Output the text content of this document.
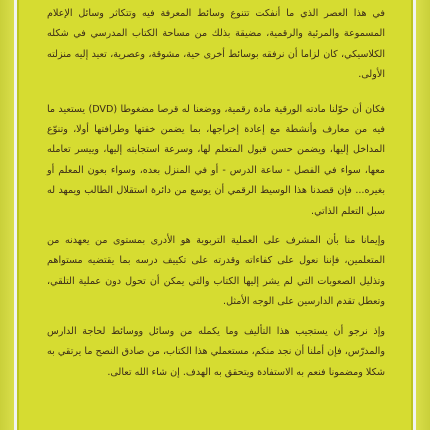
في هذا العصر الذي ما أنفكت تتنوع وسائط المعرفة فيه وتتكاثر وسائل الإعلام المسموعة والمرئية والرقمية، مضيقة بذلك من مساحة الكتاب المدرسي في شكله الكلاسيكي، كان لزاما أن نرفقه بوسائط أخرى حية، مشوقة، وعصرية، تعيد إليه منزلته الأولى.

فكان أن حوّلنا مادته الورقية مادة رقمية، ووضعنا له قرصا مضغوطا (DVD) يستعيد ما فيه من معارف وأنشطة مع إعادة إخراجها، بما يضمن خفتها وطرافتها أولا، وتنوّع المداخل إليها، ويضمن حسن قبول المتعلم لها، وسرعة استجابته إليها، وييسر تعامله معها، سواء في الفصل - ساعة الدرس - أو في المنزل بعده، وسواء بعون المعلم أو بغيره... فإن قصدنا هذا الوسيط الرقمي أن يوسع من دائرة استقلال الطالب ويمهد له سبل التعلم الذاتي.

وإيمانا منا بأن المشرف على العملية التربوية هو الأدرى بمستوى من يعهدنه من المتعلمين، فإننا نعول على كفاءاته وقدرته على تكييف درسه بما يقتضيه مستواهم وتذليل الصعوبات التي لم يشر إليها الكتاب والتي يمكن أن تحول دون عملية التلقي، وتعطل تقدم الدارسين على الوجه الأمثل.

وإذ نرجو أن يستجيب هذا التأليف وما يكمله من وسائل ووسائط لحاجة الدارس والمدرّس، فإن أملنا أن نجد منكم، مستعملي هذا الكتاب، من صادق النصح ما يرتقي به شكلا ومضمونا فنعم به الاستفادة ويتحقق به الهدف. إن شاء الله تعالى.
